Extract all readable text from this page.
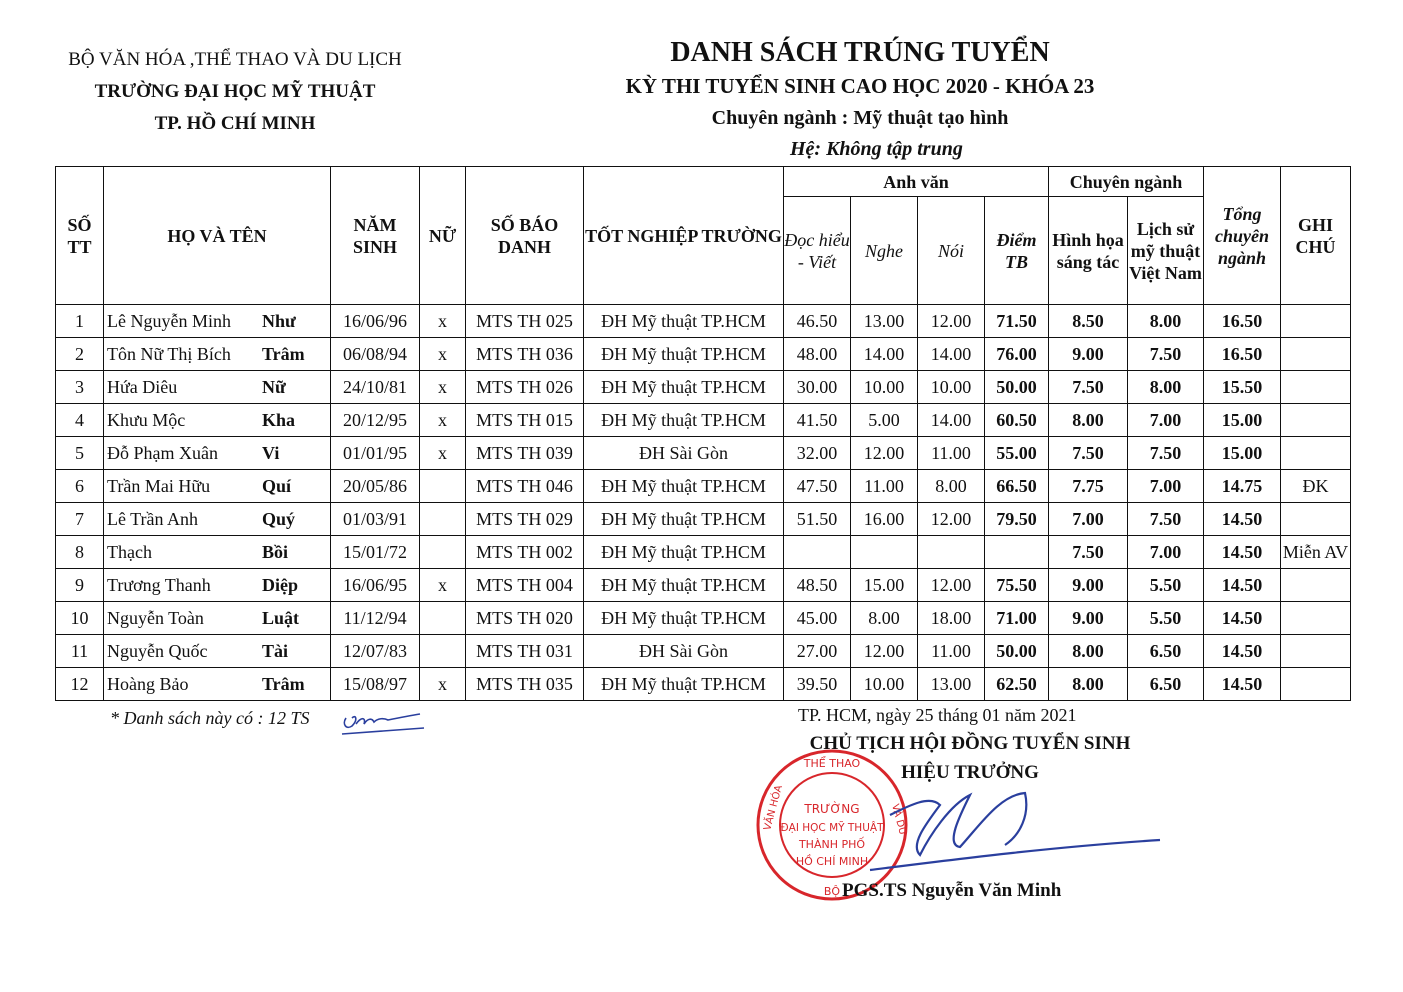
BỘ VĂN HÓA ,THỂ THAO VÀ DU LỊCH
TRƯỜNG ĐẠI HỌC MỸ THUẬT
TP. HỒ CHÍ MINH
DANH SÁCH TRÚNG TUYỂN
KỲ THI TUYỂN SINH CAO HỌC 2020 - KHÓA 23
Chuyên ngành : Mỹ thuật tạo hình
Hệ: Không tập trung
SỐ TT	HỌ VÀ TÊN	NĂM SINH	NỮ	SỐ BÁO DANH	TỐT NGHIỆP TRƯỜNG	Anh văn				Chuyên ngành		Tổng chuyên ngành	GHI CHÚ
						Đọc hiểu - Viết	Nghe	Nói	Điểm TB	Hình họa sáng tác	Lịch sử mỹ thuật Việt Nam		
1	Lê Nguyễn Minh Như	16/06/96	x	MTS TH 025	ĐH Mỹ thuật TP.HCM	46.50	13.00	12.00	71.50	8.50	8.00	16.50	
2	Tôn Nữ Thị Bích Trâm	06/08/94	x	MTS TH 036	ĐH Mỹ thuật TP.HCM	48.00	14.00	14.00	76.00	9.00	7.50	16.50	
3	Hứa Diêu Nữ	24/10/81	x	MTS TH 026	ĐH Mỹ thuật TP.HCM	30.00	10.00	10.00	50.00	7.50	8.00	15.50	
4	Khưu Mộc Kha	20/12/95	x	MTS TH 015	ĐH Mỹ thuật TP.HCM	41.50	5.00	14.00	60.50	8.00	7.00	15.00	
5	Đỗ Phạm Xuân Vi	01/01/95	x	MTS TH 039	ĐH Sài Gòn	32.00	12.00	11.00	55.00	7.50	7.50	15.00	
6	Trần Mai Hữu Quí	20/05/86		MTS TH 046	ĐH Mỹ thuật TP.HCM	47.50	11.00	8.00	66.50	7.75	7.00	14.75	ĐK
7	Lê Trần Anh Quý	01/03/91		MTS TH 029	ĐH Mỹ thuật TP.HCM	51.50	16.00	12.00	79.50	7.00	7.50	14.50	
8	Thạch Bồi	15/01/72		MTS TH 002	ĐH Mỹ thuật TP.HCM					7.50	7.00	14.50	Miễn AV
9	Trương Thanh Diệp	16/06/95	x	MTS TH 004	ĐH Mỹ thuật TP.HCM	48.50	15.00	12.00	75.50	9.00	5.50	14.50	
10	Nguyễn Toàn Luật	11/12/94		MTS TH 020	ĐH Mỹ thuật TP.HCM	45.00	8.00	18.00	71.00	9.00	5.50	14.50	
11	Nguyễn Quốc Tài	12/07/83		MTS TH 031	ĐH Sài Gòn	27.00	12.00	11.00	50.00	8.00	6.50	14.50	
12	Hoàng Bảo Trâm	15/08/97	x	MTS TH 035	ĐH Mỹ thuật TP.HCM	39.50	10.00	13.00	62.50	8.00	6.50	14.50	
* Danh sách này có : 12 TS	TP. HCM, ngày 25 tháng 01 năm 2021
CHỦ TỊCH HỘI ĐỒNG TUYỂN SINH
HIỆU TRƯỞNG
THỂ THAO
VĂN HÓA	VÀ DU
BỘ
TRƯỜNG
ĐẠI HỌC MỸ THUẬT
THÀNH PHỐ
HỒ CHÍ MINH
PGS.TS Nguyễn Văn Minh
